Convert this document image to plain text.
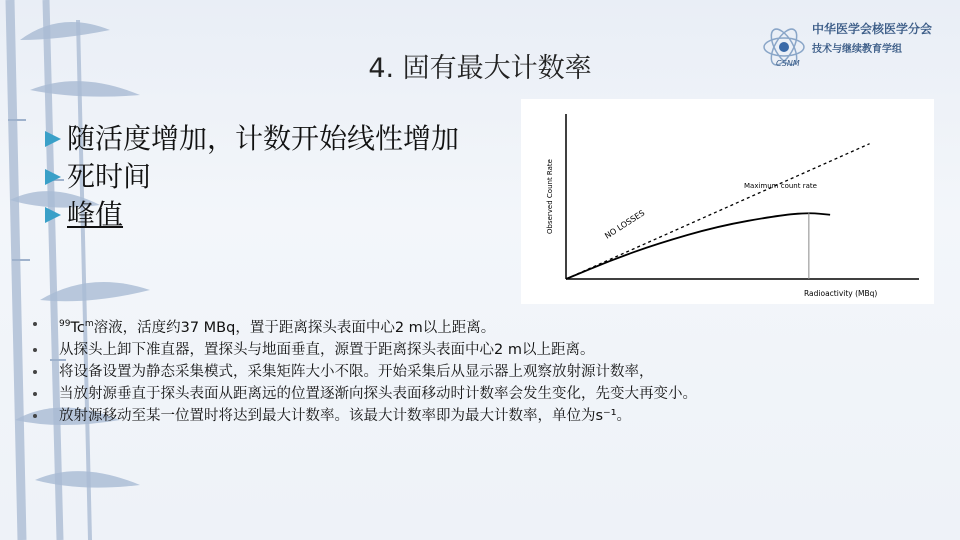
CSNM
中华医学会核医学分会
技术与继续教育学组
4. 固有最大计数率
随活度增加，计数开始线性增加
死时间
峰值	Observed Count Rate
Radioactivity (MBq)
NO LOSSES
Maximum count rate
$^{99}$Tc$^m$溶液，活度约37 MBq，置于距离探头表面中心2 m以上距离。
从探头上卸下准直器，置探头与地面垂直，源置于距离探头表面中心2 m以上距离。
将设备设置为静态采集模式，采集矩阵大小不限。开始采集后从显示器上观察放射源计数率，
当放射源垂直于探头表面从距离远的位置逐渐向探头表面移动时计数率会发生变化，先变大再变小。
放射源移动至某一位置时将达到最大计数率。该最大计数率即为最大计数率，单位为s⁻¹。
